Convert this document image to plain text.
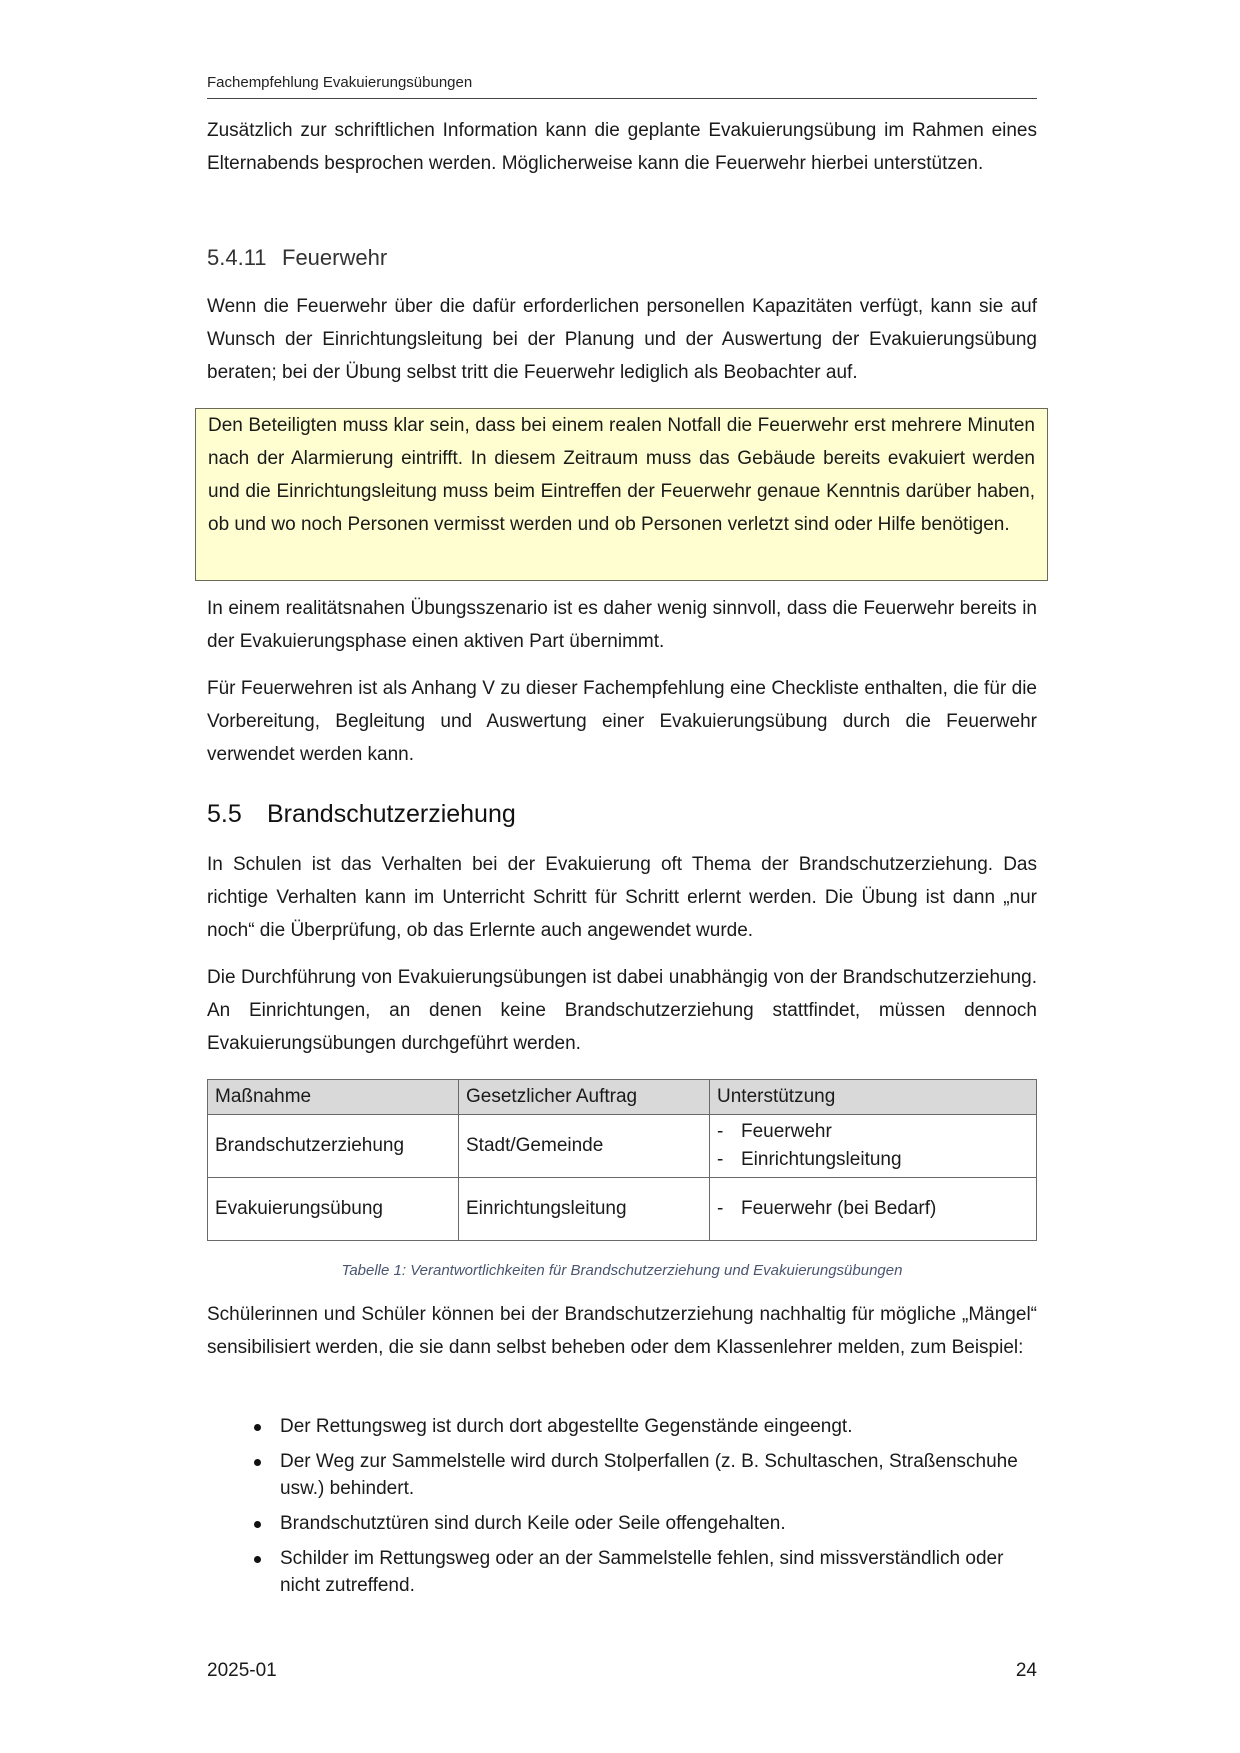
Fachempfehlung Evakuierungsübungen

Zusätzlich zur schriftlichen Information kann die geplante Evakuierungsübung im Rahmen eines Elternabends besprochen werden. Möglicherweise kann die Feuerwehr hierbei unterstützen.

5.4.11 Feuerwehr

Wenn die Feuerwehr über die dafür erforderlichen personellen Kapazitäten verfügt, kann sie auf Wunsch der Einrichtungsleitung bei der Planung und der Auswertung der Evakuierungsübung beraten; bei der Übung selbst tritt die Feuerwehr lediglich als Beobachter auf.

Den Beteiligten muss klar sein, dass bei einem realen Notfall die Feuerwehr erst mehrere Minuten nach der Alarmierung eintrifft. In diesem Zeitraum muss das Gebäude bereits evakuiert werden und die Einrichtungsleitung muss beim Eintreffen der Feuerwehr genaue Kenntnis darüber haben, ob und wo noch Personen vermisst werden und ob Personen verletzt sind oder Hilfe benötigen.

In einem realitätsnahen Übungsszenario ist es daher wenig sinnvoll, dass die Feuerwehr bereits in der Evakuierungsphase einen aktiven Part übernimmt.

Für Feuerwehren ist als Anhang V zu dieser Fachempfehlung eine Checkliste enthalten, die für die Vorbereitung, Begleitung und Auswertung einer Evakuierungsübung durch die Feuerwehr verwendet werden kann.

5.5 Brandschutzerziehung

In Schulen ist das Verhalten bei der Evakuierung oft Thema der Brandschutzerziehung. Das richtige Verhalten kann im Unterricht Schritt für Schritt erlernt werden. Die Übung ist dann „nur noch“ die Überprüfung, ob das Erlernte auch angewendet wurde.

Die Durchführung von Evakuierungsübungen ist dabei unabhängig von der Brandschutzerziehung. An Einrichtungen, an denen keine Brandschutzerziehung stattfindet, müssen dennoch Evakuierungsübungen durchgeführt werden.

Maßnahme	Gesetzlicher Auftrag	Unterstützung
Brandschutzerziehung	Stadt/Gemeinde	
- Feuerwehr
- Einrichtungsleitung

Evakuierungsübung	Einrichtungsleitung	- Feuerwehr (bei Bedarf)
Tabelle 1: Verantwortlichkeiten für Brandschutzerziehung und Evakuierungsübungen

Schülerinnen und Schüler können bei der Brandschutzerziehung nachhaltig für mögliche „Mängel“ sensibilisiert werden, die sie dann selbst beheben oder dem Klassenlehrer melden, zum Beispiel:

Der Rettungsweg ist durch dort abgestellte Gegenstände eingeengt.
Der Weg zur Sammelstelle wird durch Stolperfallen (z. B. Schultaschen, Straßenschuhe usw.) behindert.
Brandschutztüren sind durch Keile oder Seile offengehalten.
Schilder im Rettungsweg oder an der Sammelstelle fehlen, sind missverständlich oder nicht zutreffend.
2025-01	24
